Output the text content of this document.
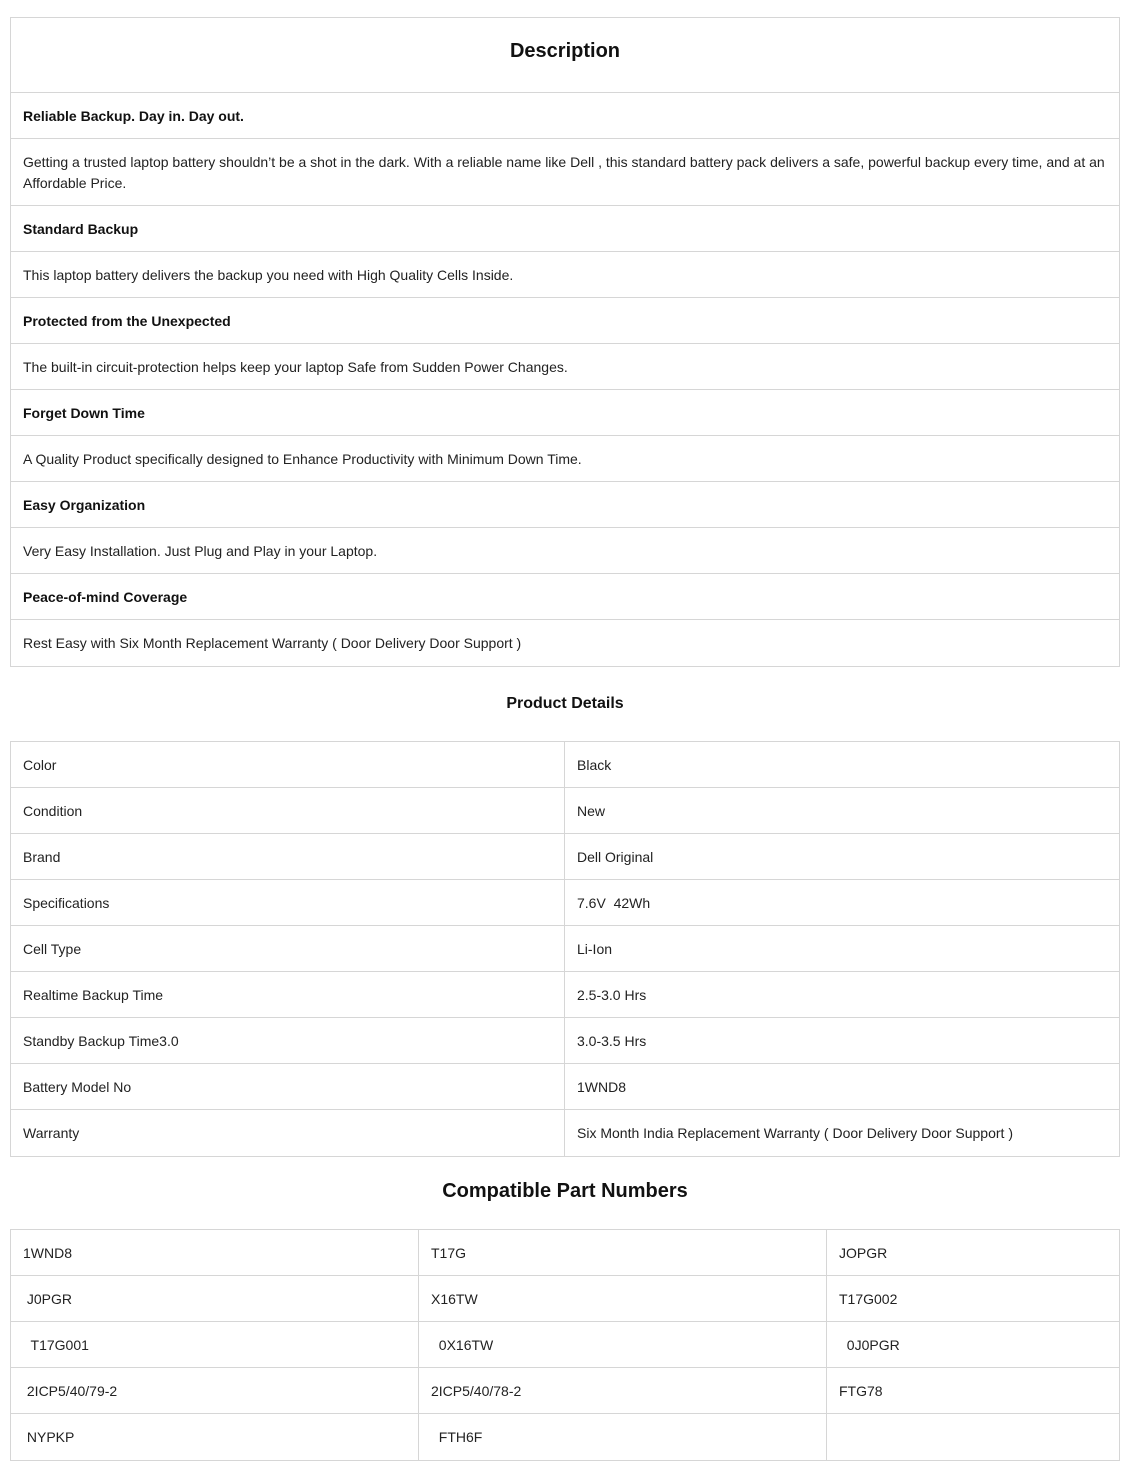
Description
Reliable Backup. Day in. Day out.
Getting a trusted laptop battery shouldn’t be a shot in the dark. With a reliable name like Dell , this standard battery pack delivers a safe, powerful backup every time, and at an Affordable Price.
Standard Backup
This laptop battery delivers the backup you need with High Quality Cells Inside.
Protected from the Unexpected
The built-in circuit-protection helps keep your laptop Safe from Sudden Power Changes.
Forget Down Time
A Quality Product specifically designed to Enhance Productivity with Minimum Down Time.
Easy Organization
Very Easy Installation. Just Plug and Play in your Laptop.
Peace-of-mind Coverage
Rest Easy with Six Month Replacement Warranty ( Door Delivery Door Support )
Product Details
Color	Black
Condition	New
Brand	Dell Original
Specifications	7.6V  42Wh
Cell Type	Li-Ion
Realtime Backup Time	2.5-3.0 Hrs
Standby Backup Time3.0	3.0-3.5 Hrs
Battery Model No	1WND8
Warranty	Six Month India Replacement Warranty ( Door Delivery Door Support )
Compatible Part Numbers
1WND8	T17G	JOPGR
J0PGR	X16TW	T17G002
T17G001	0X16TW	0J0PGR
2ICP5/40/79-2	2ICP5/40/78-2	FTG78
NYPKP	FTH6F
